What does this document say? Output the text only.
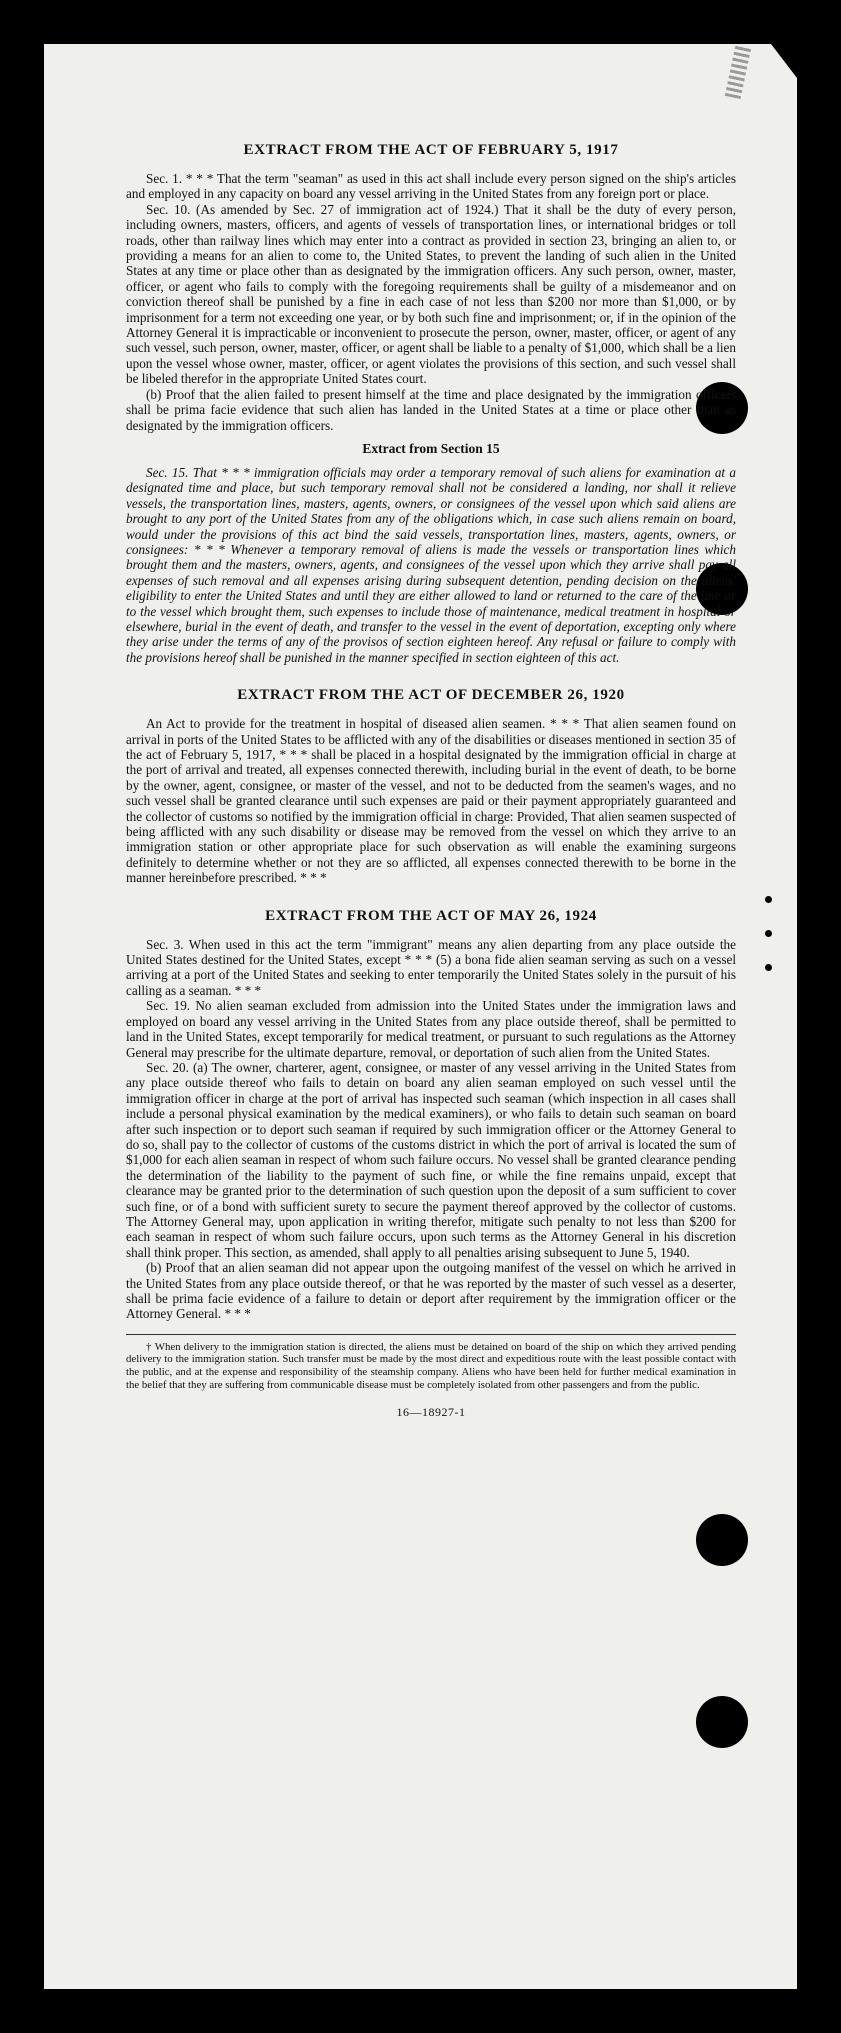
EXTRACT FROM THE ACT OF FEBRUARY 5, 1917

Sec. 1. * * * That the term "seaman" as used in this act shall include every person signed on the ship's articles and employed in any capacity on board any vessel arriving in the United States from any foreign port or place.

Sec. 10. (As amended by Sec. 27 of immigration act of 1924.) That it shall be the duty of every person, including owners, masters, officers, and agents of vessels of transportation lines, or international bridges or toll roads, other than railway lines which may enter into a contract as provided in section 23, bringing an alien to, or providing a means for an alien to come to, the United States, to prevent the landing of such alien in the United States at any time or place other than as designated by the immigration officers. Any such person, owner, master, officer, or agent who fails to comply with the foregoing requirements shall be guilty of a misdemeanor and on conviction thereof shall be punished by a fine in each case of not less than $200 nor more than $1,000, or by imprisonment for a term not exceeding one year, or by both such fine and imprisonment; or, if in the opinion of the Attorney General it is impracticable or inconvenient to prosecute the person, owner, master, officer, or agent of any such vessel, such person, owner, master, officer, or agent shall be liable to a penalty of $1,000, which shall be a lien upon the vessel whose owner, master, officer, or agent violates the provisions of this section, and such vessel shall be libeled therefor in the appropriate United States court.

(b) Proof that the alien failed to present himself at the time and place designated by the immigration officers shall be prima facie evidence that such alien has landed in the United States at a time or place other than as designated by the immigration officers.

Extract from Section 15

Sec. 15. That * * * immigration officials may order a temporary removal of such aliens for examination at a designated time and place, but such temporary removal shall not be considered a landing, nor shall it relieve vessels, the transportation lines, masters, agents, owners, or consignees of the vessel upon which said aliens are brought to any port of the United States from any of the obligations which, in case such aliens remain on board, would under the provisions of this act bind the said vessels, transportation lines, masters, agents, owners, or consignees: * * * Whenever a temporary removal of aliens is made the vessels or transportation lines which brought them and the masters, owners, agents, and consignees of the vessel upon which they arrive shall pay all expenses of such removal and all expenses arising during subsequent detention, pending decision on the aliens' eligibility to enter the United States and until they are either allowed to land or returned to the care of the line or to the vessel which brought them, such expenses to include those of maintenance, medical treatment in hospital or elsewhere, burial in the event of death, and transfer to the vessel in the event of deportation, excepting only where they arise under the terms of any of the provisos of section eighteen hereof. Any refusal or failure to comply with the provisions hereof shall be punished in the manner specified in section eighteen of this act.

EXTRACT FROM THE ACT OF DECEMBER 26, 1920

An Act to provide for the treatment in hospital of diseased alien seamen. * * * That alien seamen found on arrival in ports of the United States to be afflicted with any of the disabilities or diseases mentioned in section 35 of the act of February 5, 1917, * * * shall be placed in a hospital designated by the immigration official in charge at the port of arrival and treated, all expenses connected therewith, including burial in the event of death, to be borne by the owner, agent, consignee, or master of the vessel, and not to be deducted from the seamen's wages, and no such vessel shall be granted clearance until such expenses are paid or their payment appropriately guaranteed and the collector of customs so notified by the immigration official in charge: Provided, That alien seamen suspected of being afflicted with any such disability or disease may be removed from the vessel on which they arrive to an immigration station or other appropriate place for such observation as will enable the examining surgeons definitely to determine whether or not they are so afflicted, all expenses connected therewith to be borne in the manner hereinbefore prescribed. * * *

EXTRACT FROM THE ACT OF MAY 26, 1924

Sec. 3. When used in this act the term "immigrant" means any alien departing from any place outside the United States destined for the United States, except * * * (5) a bona fide alien seaman serving as such on a vessel arriving at a port of the United States and seeking to enter temporarily the United States solely in the pursuit of his calling as a seaman. * * *

Sec. 19. No alien seaman excluded from admission into the United States under the immigration laws and employed on board any vessel arriving in the United States from any place outside thereof, shall be permitted to land in the United States, except temporarily for medical treatment, or pursuant to such regulations as the Attorney General may prescribe for the ultimate departure, removal, or deportation of such alien from the United States.

Sec. 20. (a) The owner, charterer, agent, consignee, or master of any vessel arriving in the United States from any place outside thereof who fails to detain on board any alien seaman employed on such vessel until the immigration officer in charge at the port of arrival has inspected such seaman (which inspection in all cases shall include a personal physical examination by the medical examiners), or who fails to detain such seaman on board after such inspection or to deport such seaman if required by such immigration officer or the Attorney General to do so, shall pay to the collector of customs of the customs district in which the port of arrival is located the sum of $1,000 for each alien seaman in respect of whom such failure occurs. No vessel shall be granted clearance pending the determination of the liability to the payment of such fine, or while the fine remains unpaid, except that clearance may be granted prior to the determination of such question upon the deposit of a sum sufficient to cover such fine, or of a bond with sufficient surety to secure the payment thereof approved by the collector of customs. The Attorney General may, upon application in writing therefor, mitigate such penalty to not less than $200 for each seaman in respect of whom such failure occurs, upon such terms as the Attorney General in his discretion shall think proper. This section, as amended, shall apply to all penalties arising subsequent to June 5, 1940.

(b) Proof that an alien seaman did not appear upon the outgoing manifest of the vessel on which he arrived in the United States from any place outside thereof, or that he was reported by the master of such vessel as a deserter, shall be prima facie evidence of a failure to detain or deport after requirement by the immigration officer or the Attorney General. * * *

† When delivery to the immigration station is directed, the aliens must be detained on board of the ship on which they arrived pending delivery to the immigration station. Such transfer must be made by the most direct and expeditious route with the least possible contact with the public, and at the expense and responsibility of the steamship company. Aliens who have been held for further medical examination in the belief that they are suffering from communicable disease must be completely isolated from other passengers and from the public.

16—18927-1
